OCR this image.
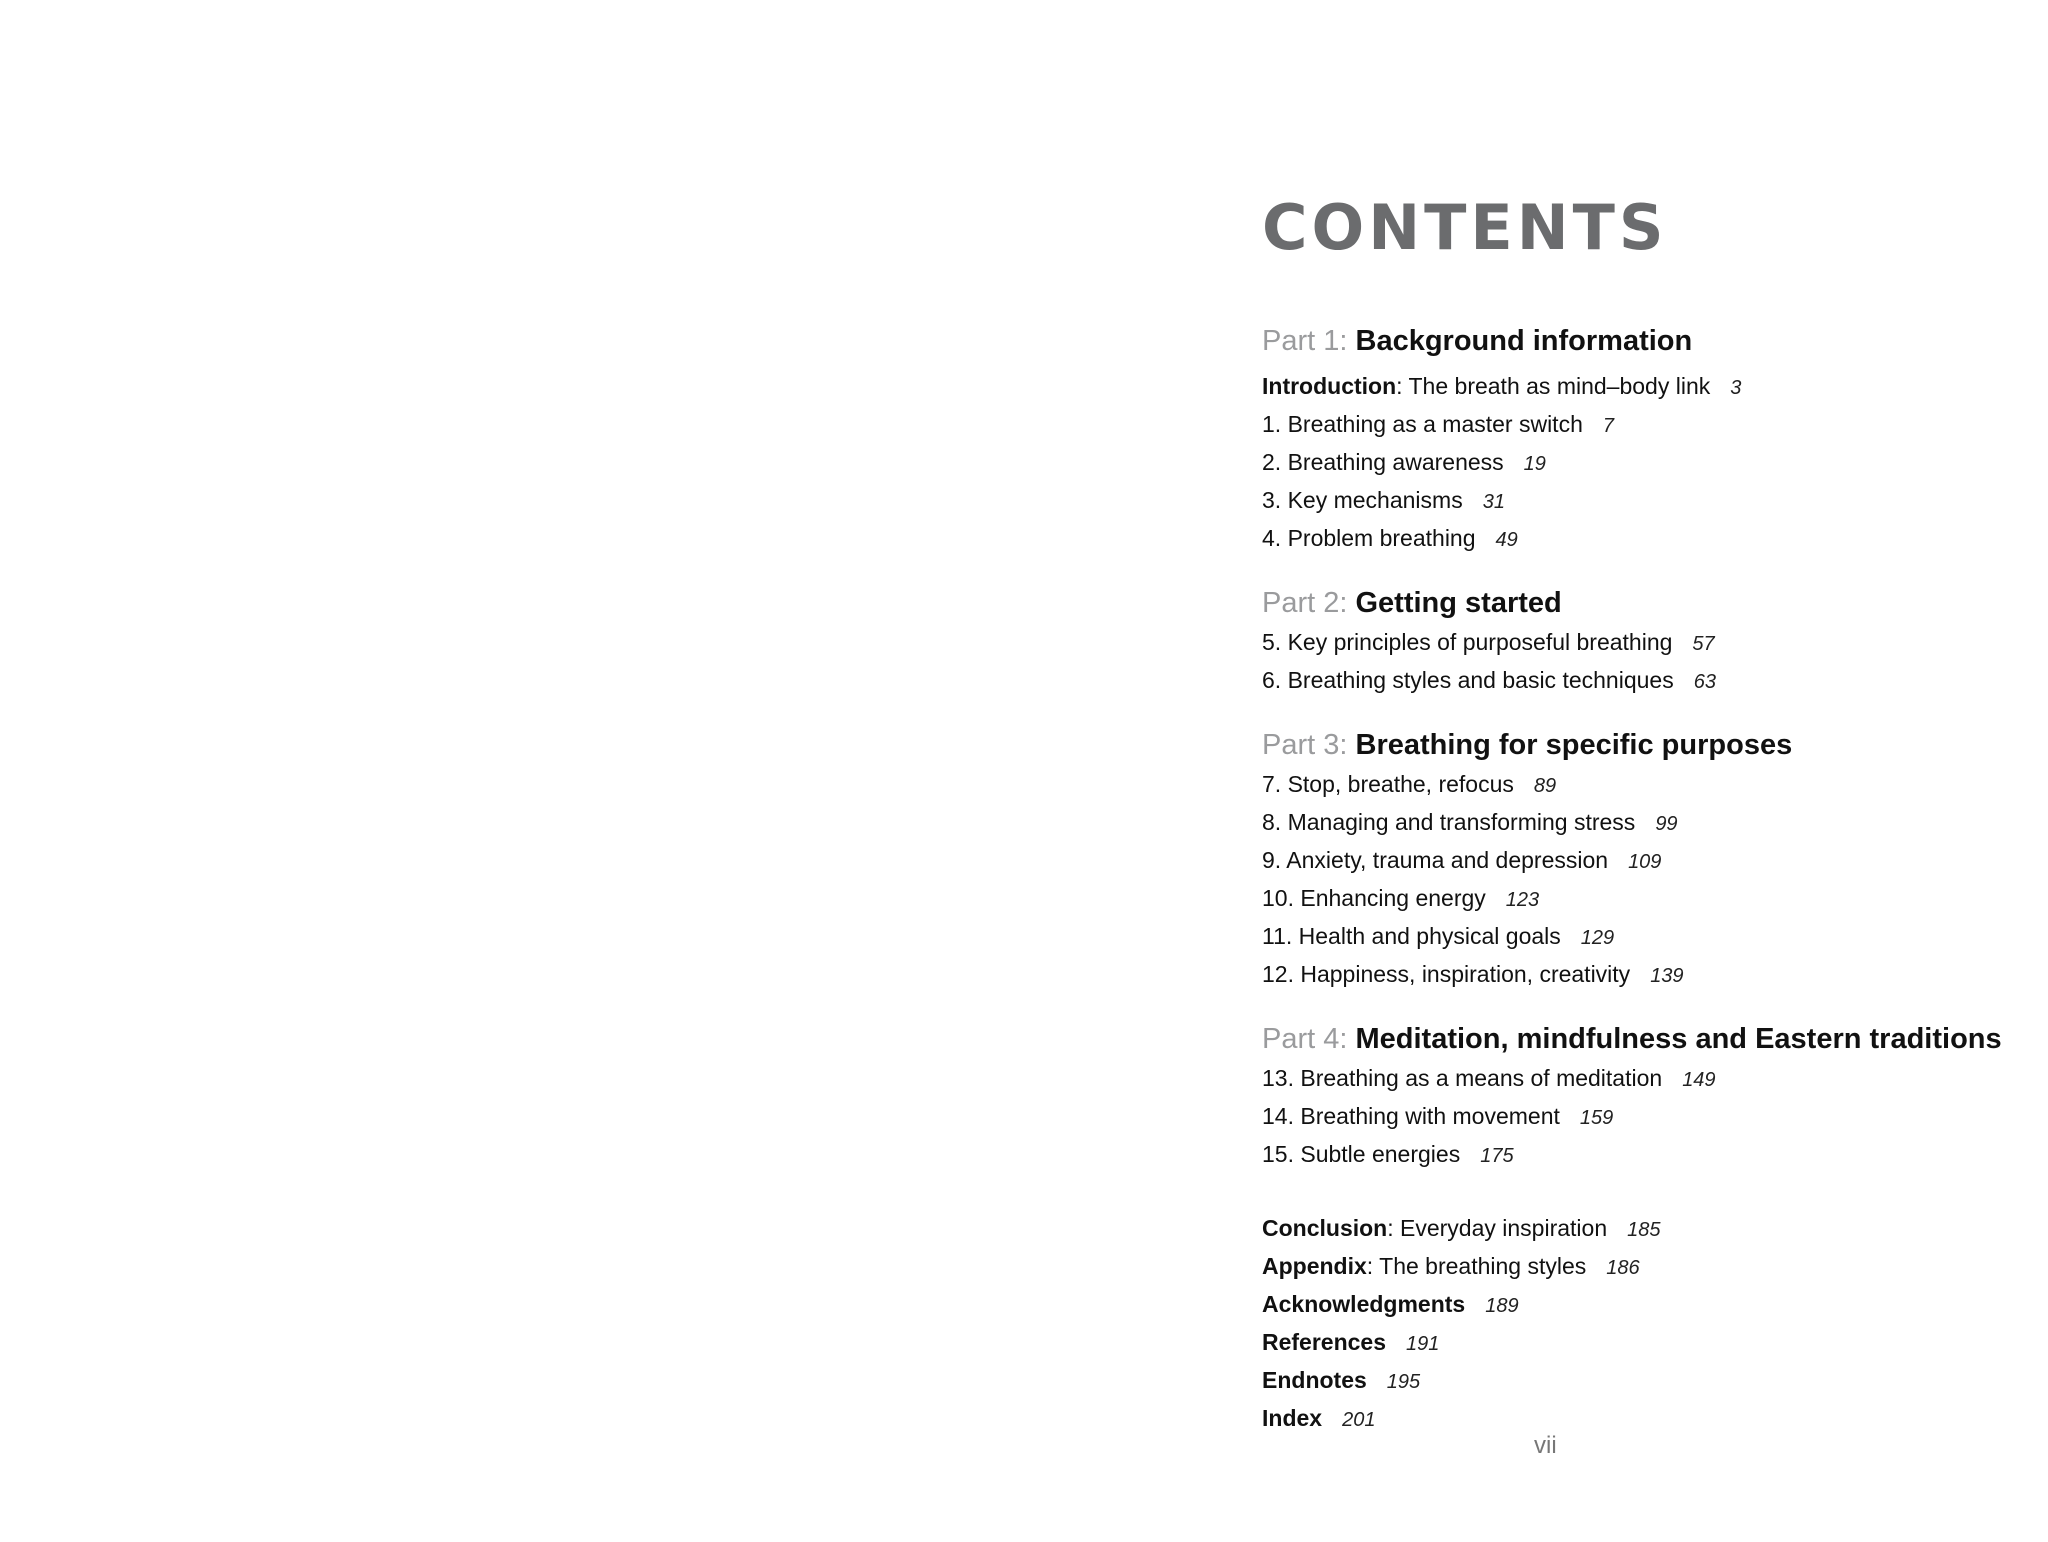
CONTENTS
Part 1: Background information
Introduction: The breath as mind–body link 3
1. Breathing as a master switch 7
2. Breathing awareness 19
3. Key mechanisms 31
4. Problem breathing 49
Part 2: Getting started
5. Key principles of purposeful breathing 57
6. Breathing styles and basic techniques 63
Part 3: Breathing for specific purposes
7. Stop, breathe, refocus 89
8. Managing and transforming stress 99
9. Anxiety, trauma and depression 109
10. Enhancing energy 123
11. Health and physical goals 129
12. Happiness, inspiration, creativity 139
Part 4: Meditation, mindfulness and Eastern traditions
13. Breathing as a means of meditation 149
14. Breathing with movement 159
15. Subtle energies 175
Conclusion: Everyday inspiration 185
Appendix: The breathing styles 186
Acknowledgments 189
References 191
Endnotes 195
Index 201
vii
